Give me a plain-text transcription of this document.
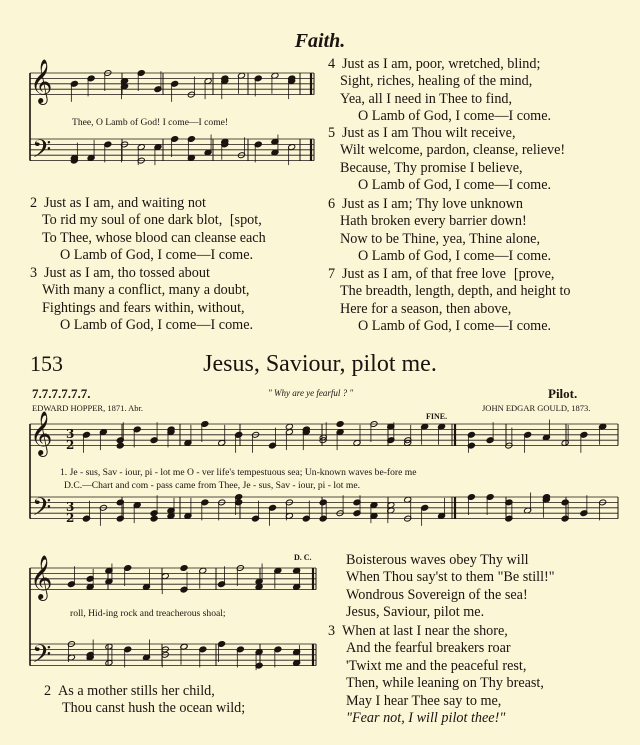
Faith.
𝄞
𝄢
𝄞
𝄢
3
2
3
2
𝄞
𝄢
Thee, O Lamb of God! I come—I come!
2 Just as I am, and waiting not
To rid my soul of one dark blot, [spot,
To Thee, whose blood can cleanse each
O Lamb of God, I come—I come.
3 Just as I am, tho tossed about
With many a conflict, many a doubt,
Fightings and fears within, without,
O Lamb of God, I come—I come.
4 Just as I am, poor, wretched, blind;
Sight, riches, healing of the mind,
Yea, all I need in Thee to find,
O Lamb of God, I come—I come.
5 Just as I am Thou wilt receive,
Wilt welcome, pardon, cleanse, relieve!
Because, Thy promise I believe,
O Lamb of God, I come—I come.
6 Just as I am; Thy love unknown
Hath broken every barrier down!
Now to be Thine, yea, Thine alone,
O Lamb of God, I come—I come.
7 Just as I am, of that free love [prove,
The breadth, length, depth, and height to
Here for a season, then above,
O Lamb of God, I come—I come.
153	Jesus, Saviour, pilot me.
7.7.7.7.7.7.	" Why are ye fearful ? "	Pilot.
EDWARD HOPPER, 1871. Abr.	JOHN EDGAR GOULD, 1873.
FINE.
D. C.
1. Je - sus, Sav - iour, pi - lot me O - ver life's tempestuous sea; Un-known waves be-fore me
D.C.—Chart and com - pass came from Thee, Je - sus, Sav - iour, pi - lot me.
roll, Hid-ing rock and treacherous shoal;
Boisterous waves obey Thy will
When Thou say'st to them "Be still!"
Wondrous Sovereign of the sea!
Jesus, Saviour, pilot me.
3 When at last I near the shore,
And the fearful breakers roar
'Twixt me and the peaceful rest,
Then, while leaning on Thy breast,
May I hear Thee say to me,
"Fear not, I will pilot thee!"
2 As a mother stills her child,
Thou canst hush the ocean wild;
